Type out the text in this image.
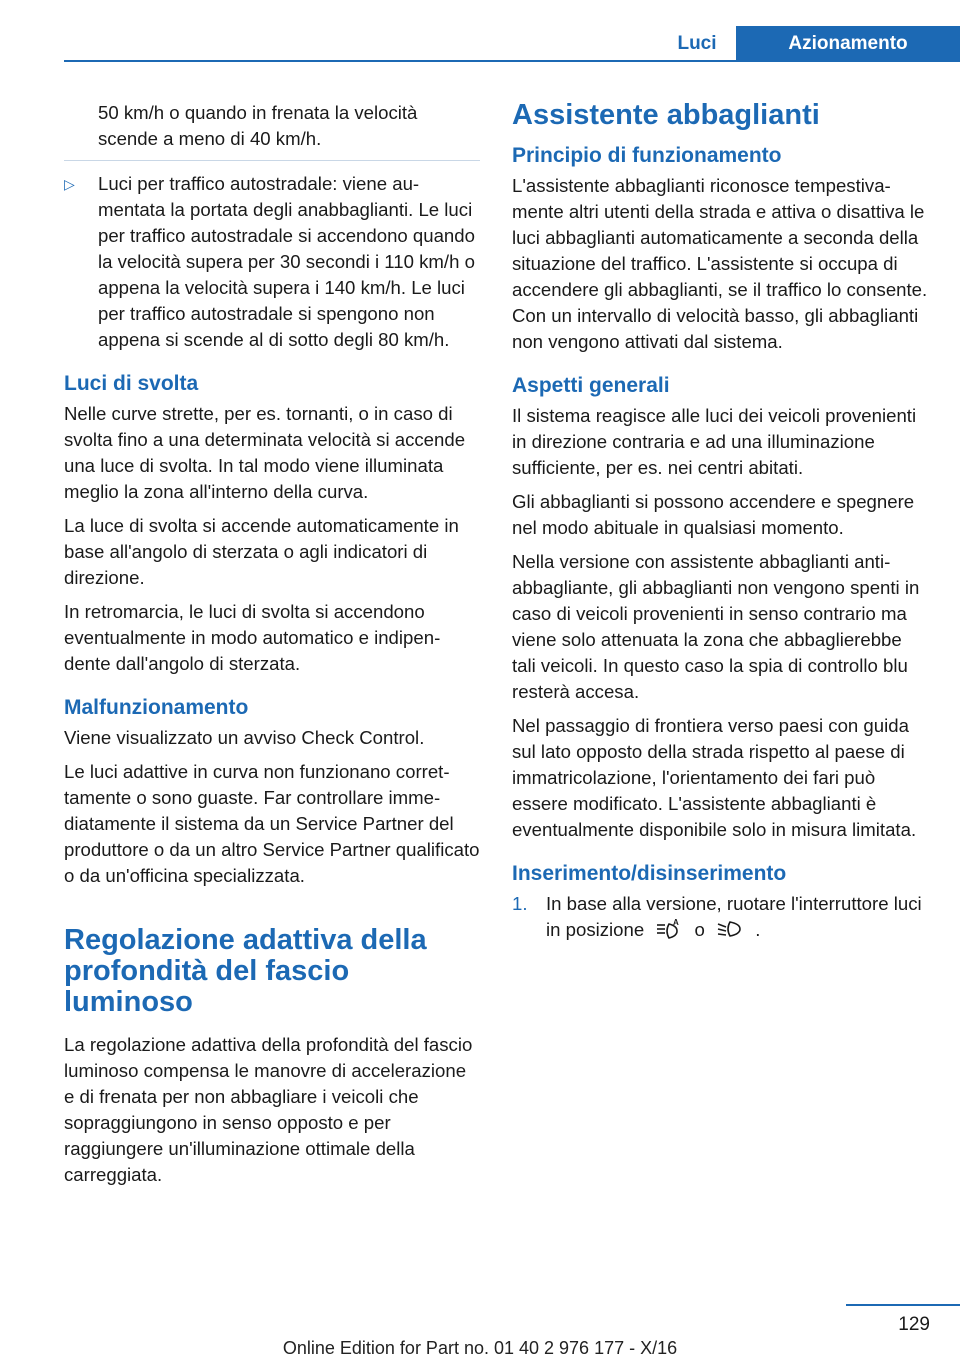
Luci	Azionamento

50 km/h o quando in frenata la velocità scende a meno di 40 km/h.

▷ Luci per traffico autostradale: viene aumentata la portata degli anabbaglianti. Le luci per traffico autostradale si accendono quando la velocità supera per 30 secondi i 110 km/h o appena la velocità supera i 140 km/h. Le luci per traffico autostradale si spengono non appena si scende al di sotto degli 80 km/h.
Luci di svolta

Nelle curve strette, per es. tornanti, o in caso di svolta fino a una determinata velocità si accende una luce di svolta. In tal modo viene illuminata meglio la zona all'interno della curva.

La luce di svolta si accende automaticamente in base all'angolo di sterzata o agli indicatori di direzione.

In retromarcia, le luci di svolta si accendono eventualmente in modo automatico e indipendente dall'angolo di sterzata.

Malfunzionamento

Viene visualizzato un avviso Check Control.

Le luci adattive in curva non funzionano correttamente o sono guaste. Far controllare immediatamente il sistema da un Service Partner del produttore o da un altro Service Partner qualificato o da un'officina specializzata.

Regolazione adattiva della profondità del fascio luminoso

La regolazione adattiva della profondità del fascio luminoso compensa le manovre di accelerazione e di frenata per non abbagliare i veicoli che sopraggiungono in senso opposto e per raggiungere un'illuminazione ottimale della carreggiata.

Assistente abbaglianti
Principio di funzionamento

L'assistente abbaglianti riconosce tempestivamente altri utenti della strada e attiva o disattiva le luci abbaglianti automaticamente a seconda della situazione del traffico. L'assistente si occupa di accendere gli abbaglianti, se il traffico lo consente. Con un intervallo di velocità basso, gli abbaglianti non vengono attivati dal sistema.

Aspetti generali

Il sistema reagisce alle luci dei veicoli provenienti in direzione contraria e ad una illuminazione sufficiente, per es. nei centri abitati.

Gli abbaglianti si possono accendere e spegnere nel modo abituale in qualsiasi momento.

Nella versione con assistente abbaglianti anti-abbagliante, gli abbaglianti non vengono spenti in caso di veicoli provenienti in senso contrario ma viene solo attenuata la zona che abbaglierebbe tali veicoli. In questo caso la spia di controllo blu resterà accesa.

Nel passaggio di frontiera verso paesi con guida sul lato opposto della strada rispetto al paese di immatricolazione, l'orientamento dei fari può essere modificato. L'assistente abbaglianti è eventualmente disponibile solo in misura limitata.

Inserimento/disinserimento
1. In base alla versione, ruotare l'interruttore luci in posizione	A o	.
129
Online Edition for Part no. 01 40 2 976 177 - X/16
